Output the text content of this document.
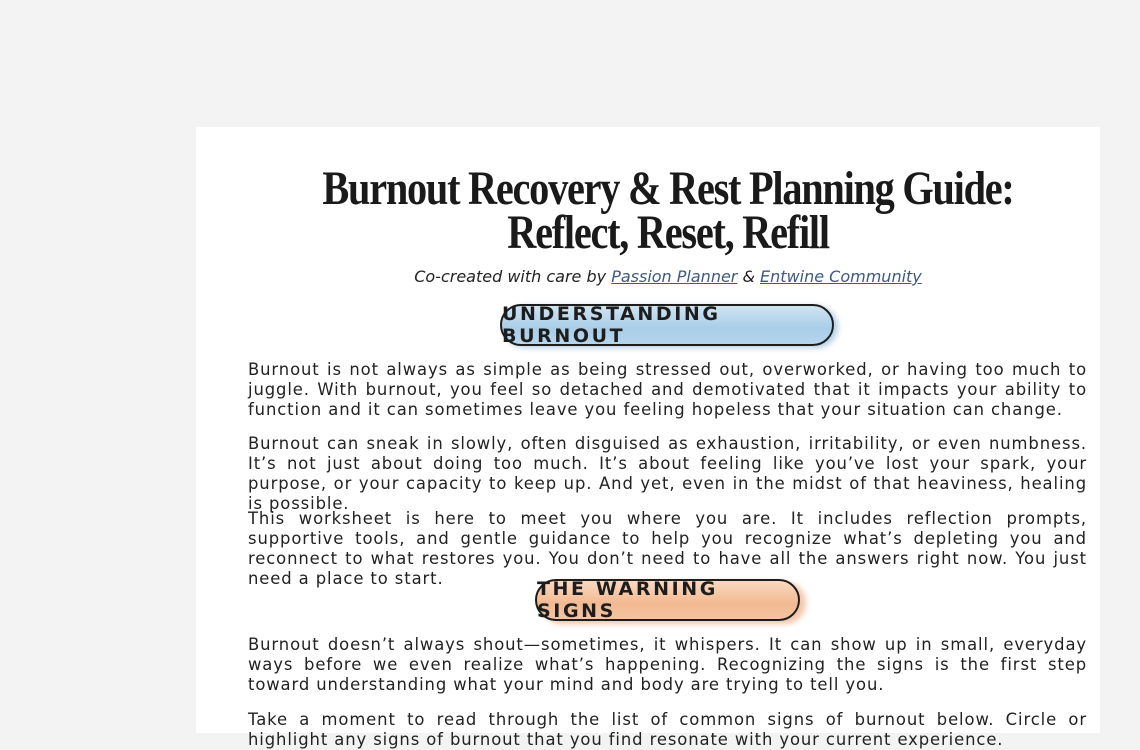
Burnout Recovery & Rest Planning Guide:
Reflect, Reset, Refill

Co-created with care by Passion Planner & Entwine Community

UNDERSTANDING BURNOUT

Burnout is not always as simple as being stressed out, overworked, or having too much to juggle. With burnout, you feel so detached and demotivated that it impacts your ability to function and it can sometimes leave you feeling hopeless that your situation can change.

Burnout can sneak in slowly, often disguised as exhaustion, irritability, or even numbness. It’s not just about doing too much. It’s about feeling like you’ve lost your spark, your purpose, or your capacity to keep up. And yet, even in the midst of that heaviness, healing is possible.

This worksheet is here to meet you where you are. It includes reflection prompts, supportive tools, and gentle guidance to help you recognize what’s depleting you and reconnect to what restores you. You don’t need to have all the answers right now. You just need a place to start.	THE WARNING SIGNS

Burnout doesn’t always shout—sometimes, it whispers. It can show up in small, everyday ways before we even realize what’s happening. Recognizing the signs is the first step toward understanding what your mind and body are trying to tell you.

Take a moment to read through the list of common signs of burnout below. Circle or highlight any signs of burnout that you find resonate with your current experience.
